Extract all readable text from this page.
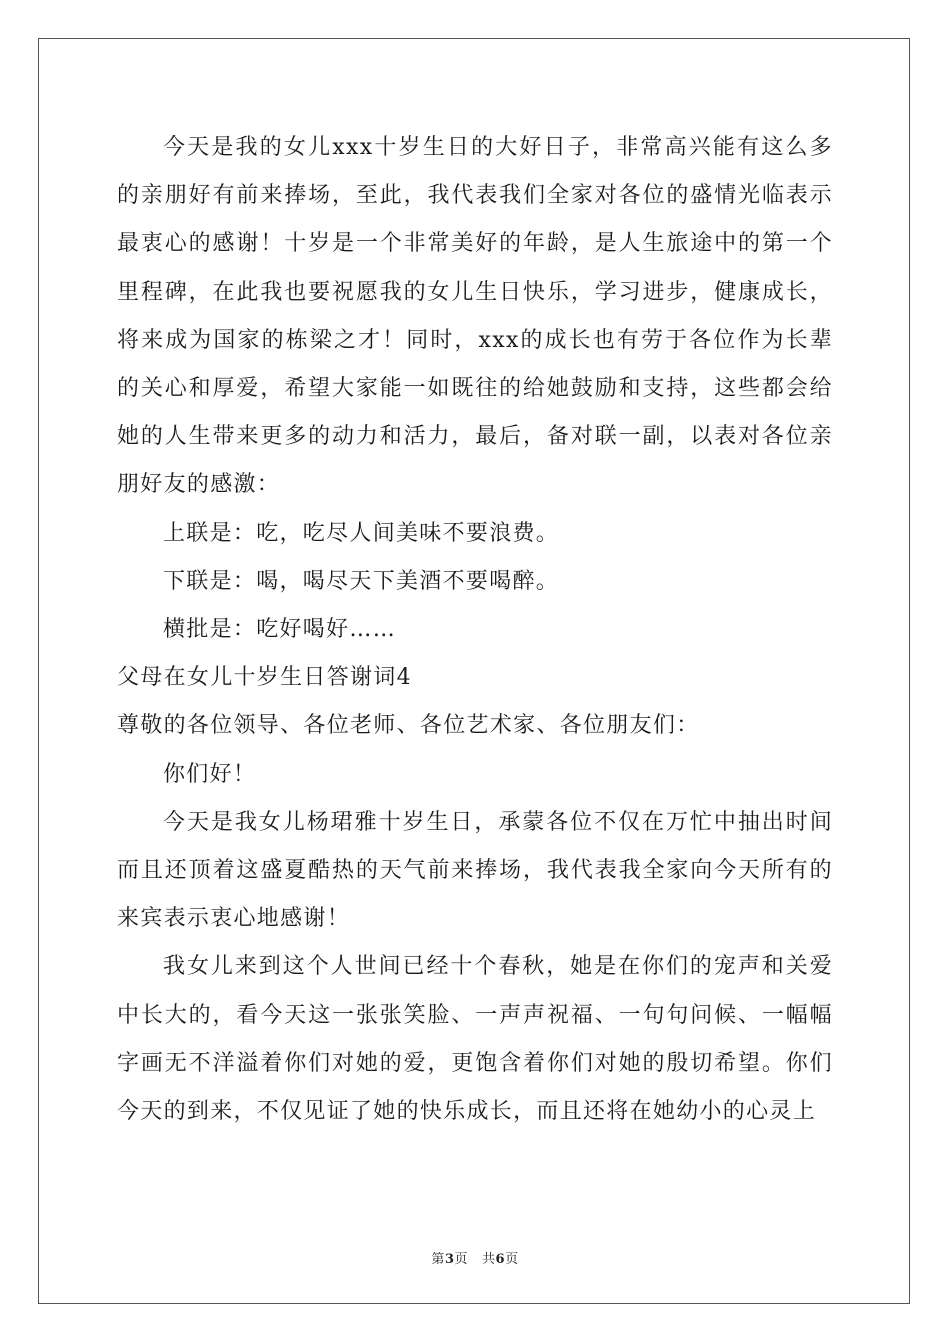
今天是我的女儿xxx十岁生日的大好日子，非常高兴能有这么多的亲朋好有前来捧场，至此，我代表我们全家对各位的盛情光临表示最衷心的感谢！十岁是一个非常美好的年龄，是人生旅途中的第一个里程碑，在此我也要祝愿我的女儿生日快乐，学习进步，健康成长，将来成为国家的栋梁之才！同时，xxx的成长也有劳于各位作为长辈的关心和厚爱，希望大家能一如既往的给她鼓励和支持，这些都会给她的人生带来更多的动力和活力，最后，备对联一副，以表对各位亲朋好友的感激：

上联是：吃，吃尽人间美味不要浪费。

下联是：喝，喝尽天下美酒不要喝醉。

横批是：吃好喝好……

父母在女儿十岁生日答谢词4

尊敬的各位领导、各位老师、各位艺术家、各位朋友们：

你们好！

今天是我女儿杨珺雅十岁生日，承蒙各位不仅在万忙中抽出时间而且还顶着这盛夏酷热的天气前来捧场，我代表我全家向今天所有的来宾表示衷心地感谢！

我女儿来到这个人世间已经十个春秋，她是在你们的宠声和关爱中长大的，看今天这一张张笑脸、一声声祝福、一句句问候、一幅幅字画无不洋溢着你们对她的爱，更饱含着你们对她的殷切希望。你们今天的到来，不仅见证了她的快乐成长，而且还将在她幼小的心灵上

第3页 共6页
